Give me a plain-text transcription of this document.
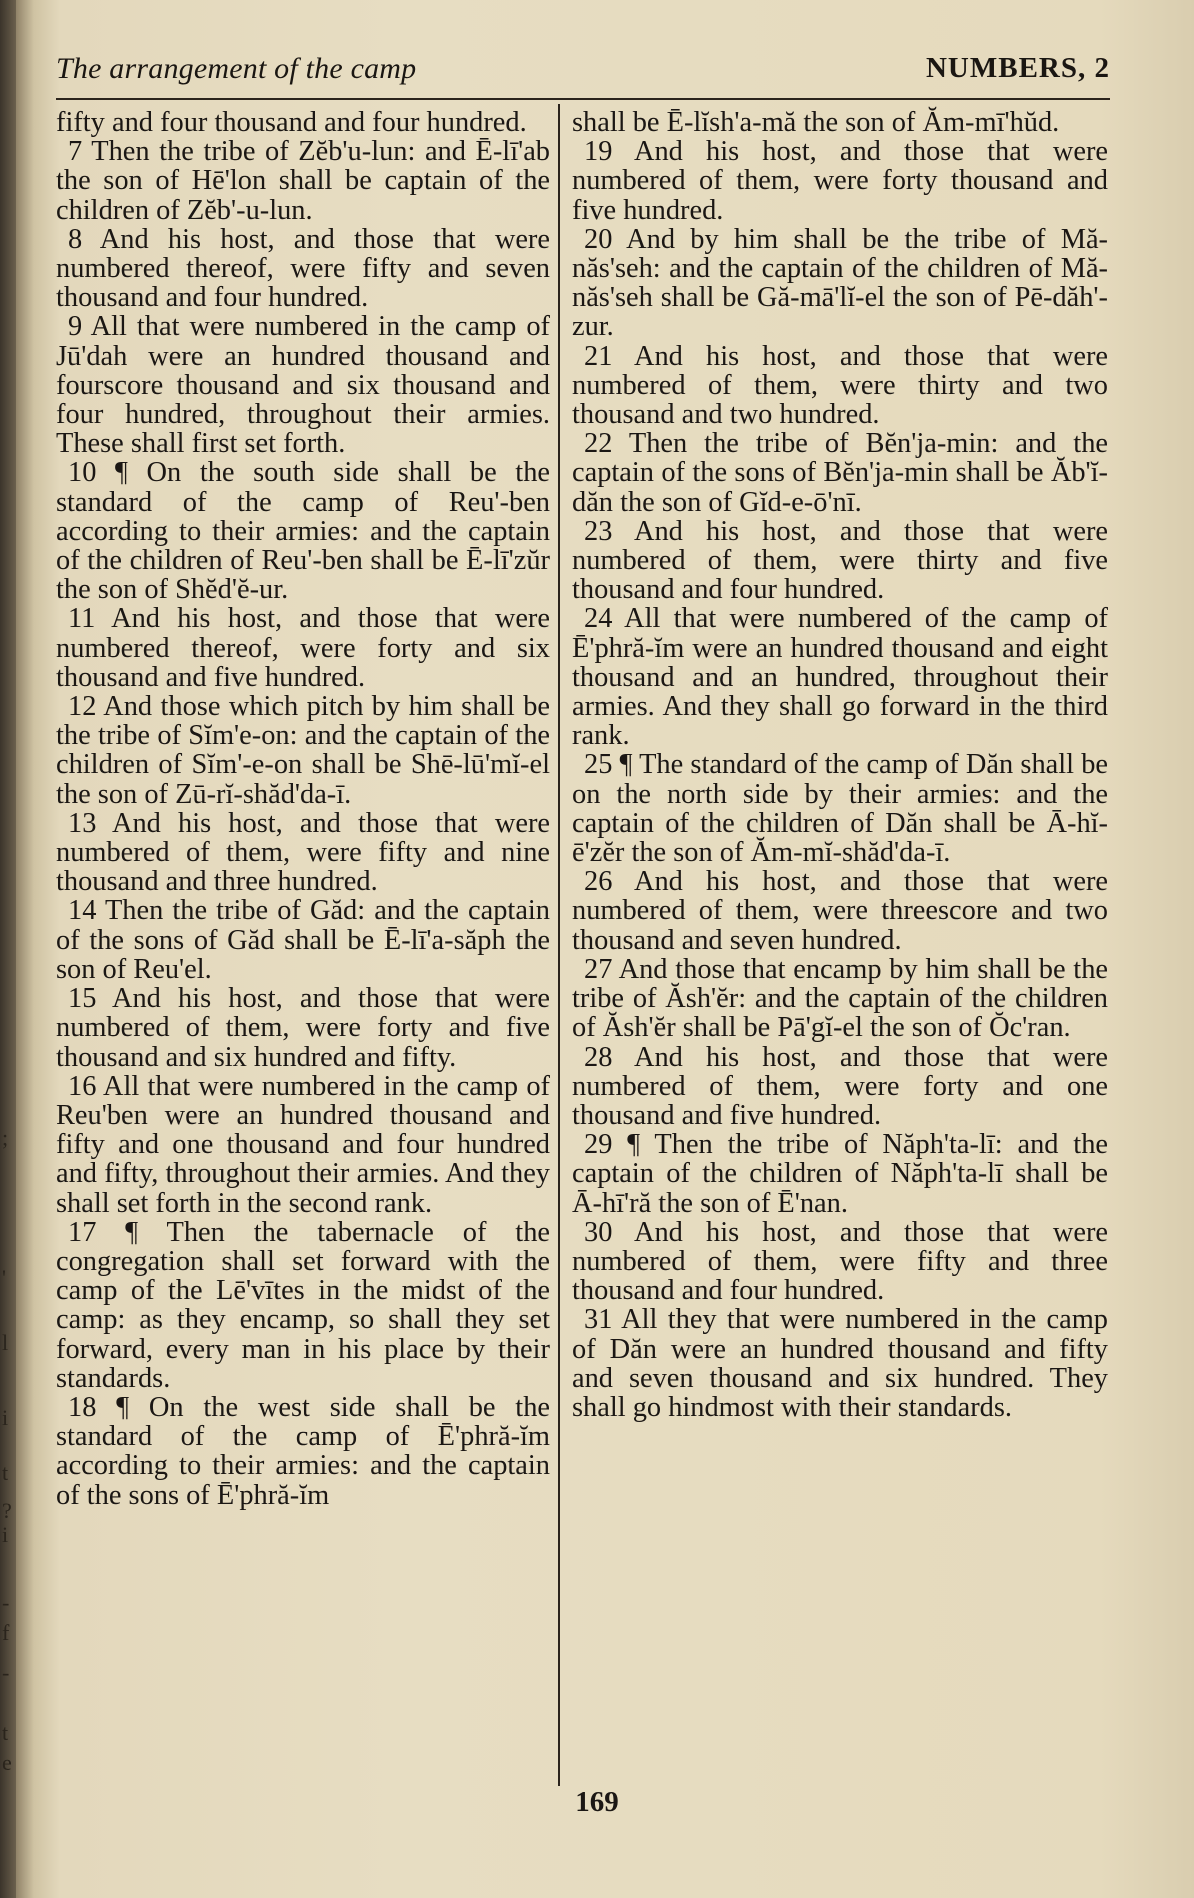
;
'
l
i
t
?
i
-
f
-
t
e
The arrangement of the camp	NUMBERS, 2

fifty and four thousand and four hundred.

7 Then the tribe of Zĕb'u-lun: and Ē-lī'ab the son of Hē'lon shall be captain of the children of Zĕb'-u-lun.

8 And his host, and those that were numbered thereof, were fifty and seven thousand and four hundred.

9 All that were numbered in the camp of Jū'dah were an hundred thousand and fourscore thousand and six thousand and four hundred, throughout their armies. These shall first set forth.

10 ¶ On the south side shall be the standard of the camp of Reu'-ben according to their armies: and the captain of the children of Reu'-ben shall be Ē-lī'zŭr the son of Shĕd'ĕ-ur.

11 And his host, and those that were numbered thereof, were forty and six thousand and five hundred.

12 And those which pitch by him shall be the tribe of Sĭm'e-on: and the captain of the children of Sĭm'-e-on shall be Shē-lū'mĭ-el the son of Zū-rĭ-shăd'da-ī.

13 And his host, and those that were numbered of them, were fifty and nine thousand and three hundred.

14 Then the tribe of Găd: and the captain of the sons of Găd shall be Ē-lī'a-săph the son of Reu'el.

15 And his host, and those that were numbered of them, were forty and five thousand and six hundred and fifty.

16 All that were numbered in the camp of Reu'ben were an hundred thousand and fifty and one thousand and four hundred and fifty, throughout their armies. And they shall set forth in the second rank.

17 ¶ Then the tabernacle of the congregation shall set forward with the camp of the Lē'vītes in the midst of the camp: as they encamp, so shall they set forward, every man in his place by their standards.

18 ¶ On the west side shall be the standard of the camp of Ē'phră-ĭm according to their armies: and the captain of the sons of Ē'phră-ĭm

shall be Ē-lĭsh'a-mă the son of Ăm-mī'hŭd.

19 And his host, and those that were numbered of them, were forty thousand and five hundred.

20 And by him shall be the tribe of Mă-năs'seh: and the captain of the children of Mă-năs'seh shall be Gă-mā'lĭ-el the son of Pē-dăh'-zur.

21 And his host, and those that were numbered of them, were thirty and two thousand and two hundred.

22 Then the tribe of Bĕn'ja-min: and the captain of the sons of Bĕn'ja-min shall be Ăb'ĭ-dăn the son of Gĭd-e-ō'nī.

23 And his host, and those that were numbered of them, were thirty and five thousand and four hundred.

24 All that were numbered of the camp of Ē'phră-ĭm were an hundred thousand and eight thousand and an hundred, throughout their armies. And they shall go forward in the third rank.

25 ¶ The standard of the camp of Dăn shall be on the north side by their armies: and the captain of the children of Dăn shall be Ā-hĭ-ē'zĕr the son of Ăm-mĭ-shăd'da-ī.

26 And his host, and those that were numbered of them, were threescore and two thousand and seven hundred.

27 And those that encamp by him shall be the tribe of Ăsh'ĕr: and the captain of the children of Ăsh'ĕr shall be Pā'gĭ-el the son of Ŏc'ran.

28 And his host, and those that were numbered of them, were forty and one thousand and five hundred.

29 ¶ Then the tribe of Năph'ta-lī: and the captain of the children of Năph'ta-lī shall be Ā-hī'ră the son of Ē'nan.

30 And his host, and those that were numbered of them, were fifty and three thousand and four hundred.

31 All they that were numbered in the camp of Dăn were an hundred thousand and fifty and seven thousand and six hundred. They shall go hindmost with their standards.

169
